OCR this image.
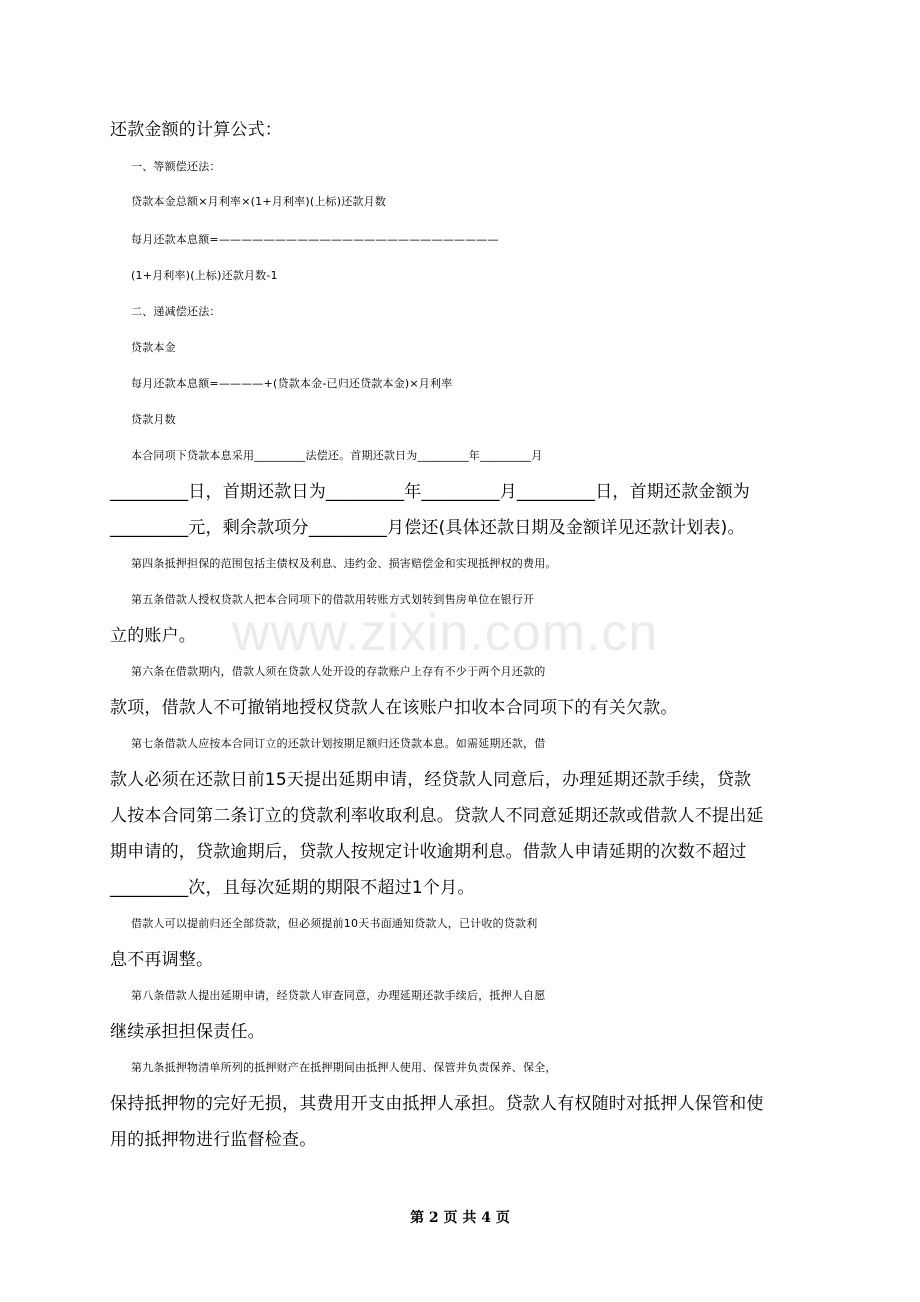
www.zixin.com.cn
还款金额的计算公式：
一、等额偿还法：
贷款本金总额×月利率×(1+月利率)(上标)还款月数
每月还款本息额=—————————————————————————
(1+月利率)(上标)还款月数-1
二、递减偿还法：
贷款本金
每月还款本息额=————+(贷款本金-已归还贷款本金)×月利率
贷款月数
本合同项下贷款本息采用_________法偿还。首期还款日为_________年_________月
_________日，首期还款日为_________年_________月_________日，首期还款金额为
_________元，剩余款项分_________月偿还(具体还款日期及金额详见还款计划表)。
第四条抵押担保的范围包括主债权及利息、违约金、损害赔偿金和实现抵押权的费用。
第五条借款人授权贷款人把本合同项下的借款用转账方式划转到售房单位在银行开
立的账户。
第六条在借款期内，借款人须在贷款人处开设的存款账户上存有不少于两个月还款的
款项，借款人不可撤销地授权贷款人在该账户扣收本合同项下的有关欠款。
第七条借款人应按本合同订立的还款计划按期足额归还贷款本息。如需延期还款，借
款人必须在还款日前15天提出延期申请，经贷款人同意后，办理延期还款手续，贷款
人按本合同第二条订立的贷款利率收取利息。贷款人不同意延期还款或借款人不提出延
期申请的，贷款逾期后，贷款人按规定计收逾期利息。借款人申请延期的次数不超过
_________次，且每次延期的期限不超过1个月。
借款人可以提前归还全部贷款，但必须提前10天书面通知贷款人，已计收的贷款利
息不再调整。
第八条借款人提出延期申请，经贷款人审查同意，办理延期还款手续后，抵押人自愿
继续承担担保责任。
第九条抵押物清单所列的抵押财产在抵押期间由抵押人使用、保管并负责保养、保全，
保持抵押物的完好无损，其费用开支由抵押人承担。贷款人有权随时对抵押人保管和使
用的抵押物进行监督检查。
第 2 页 共 4 页
